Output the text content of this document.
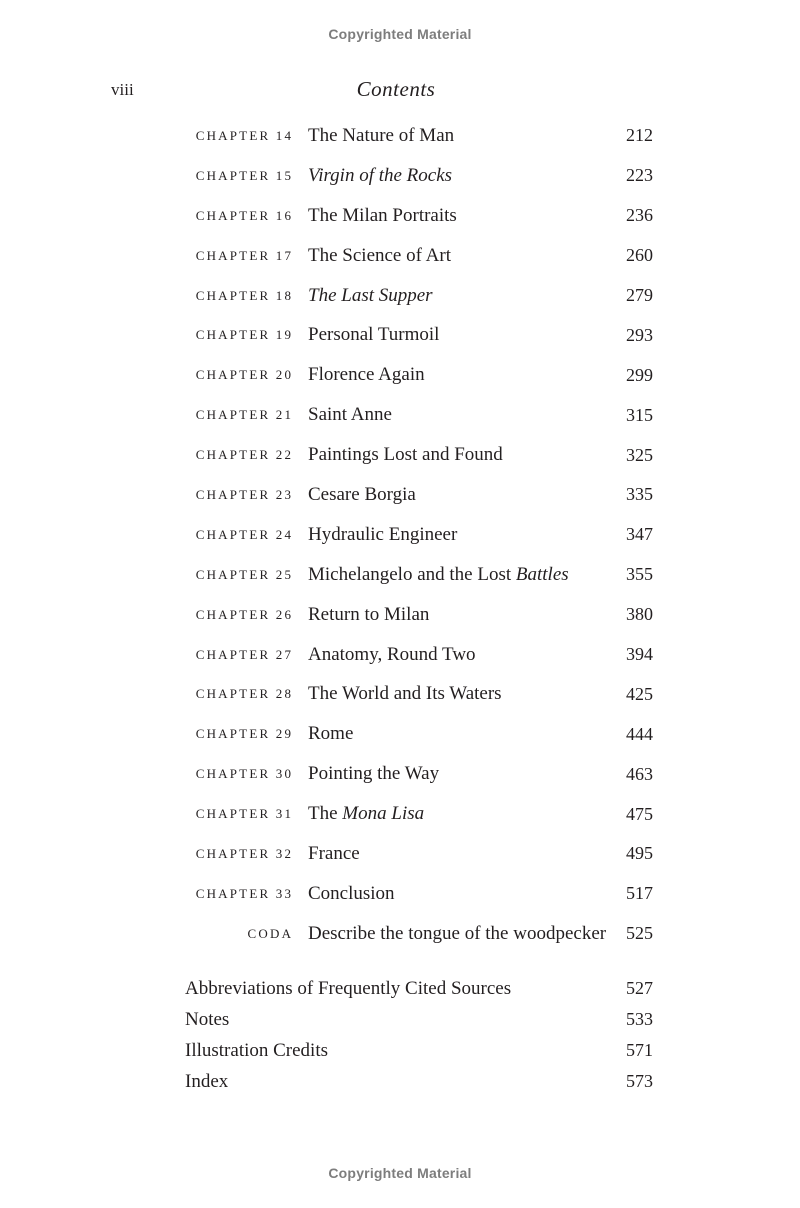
Copyrighted Material
viii	Contents
CHAPTER 14 The Nature of Man	212
CHAPTER 15 Virgin of the Rocks	223
CHAPTER 16 The Milan Portraits	236
CHAPTER 17 The Science of Art	260
CHAPTER 18 The Last Supper	279
CHAPTER 19 Personal Turmoil	293
CHAPTER 20 Florence Again	299
CHAPTER 21 Saint Anne	315
CHAPTER 22 Paintings Lost and Found	325
CHAPTER 23 Cesare Borgia	335
CHAPTER 24 Hydraulic Engineer	347
CHAPTER 25 Michelangelo and the Lost Battles	355
CHAPTER 26 Return to Milan	380
CHAPTER 27 Anatomy, Round Two	394
CHAPTER 28 The World and Its Waters	425
CHAPTER 29 Rome	444
CHAPTER 30 Pointing the Way	463
CHAPTER 31 The Mona Lisa	475
CHAPTER 32 France	495
CHAPTER 33 Conclusion	517
CODA Describe the tongue of the woodpecker	525
Abbreviations of Frequently Cited Sources	527
Notes	533
Illustration Credits	571
Index	573
Copyrighted Material
